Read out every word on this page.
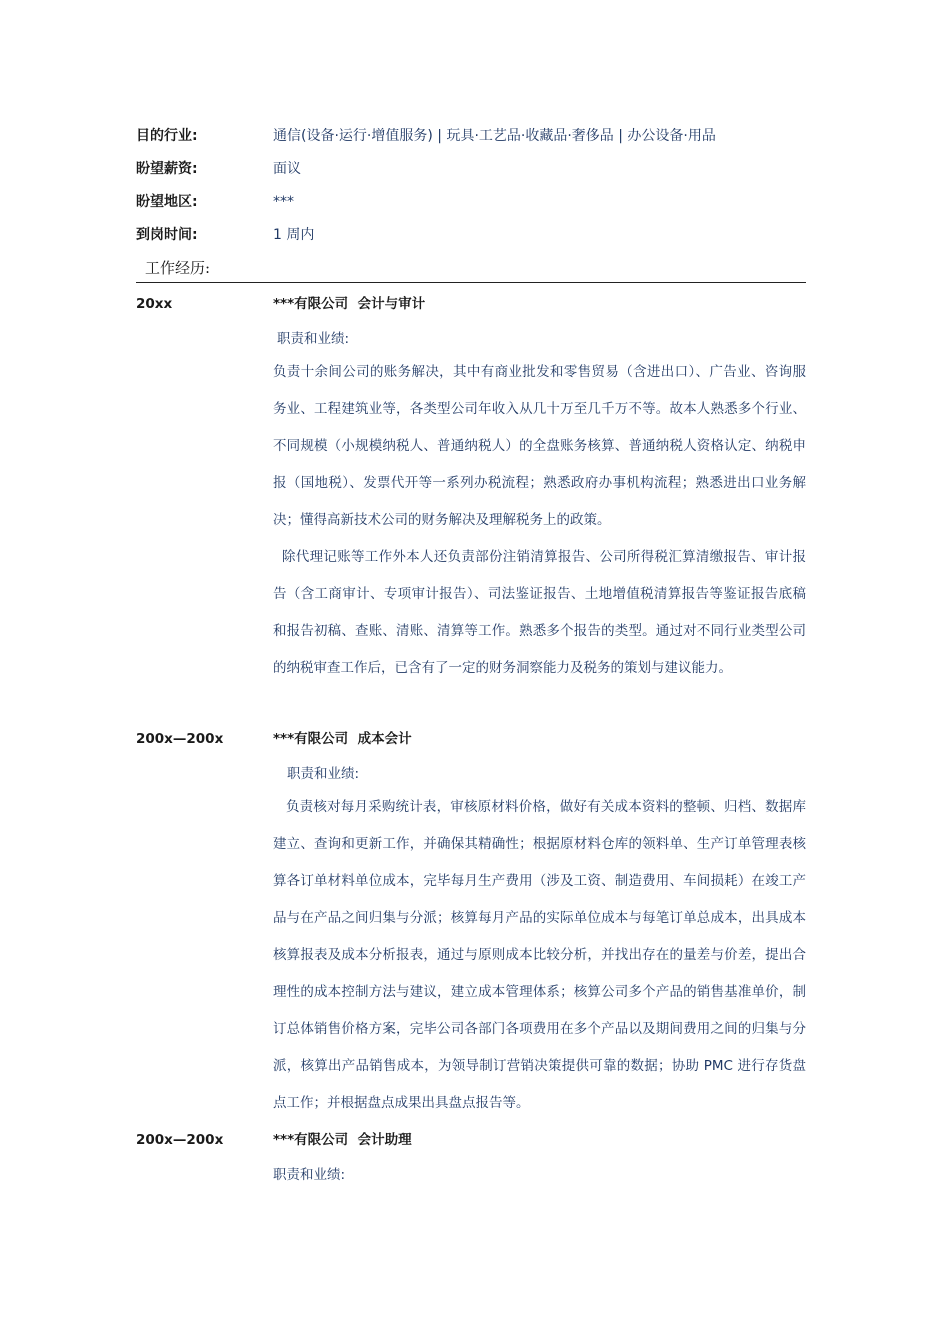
目的行业:	通信(设备·运行·增值服务) | 玩具·工艺品·收藏品·奢侈品 | 办公设备·用品
盼望薪资:	面议
盼望地区:	***
到岗时间:	1 周内
工作经历:
20xx	***有限公司  会计与审计
职责和业绩:
负责十余间公司的账务解决，其中有商业批发和零售贸易（含进出口）、广告业、咨询服务业、工程建筑业等，各类型公司年收入从几十万至几千万不等。故本人熟悉多个行业、不同规模（小规模纳税人、普通纳税人）的全盘账务核算、普通纳税人资格认定、纳税申报（国地税）、发票代开等一系列办税流程；熟悉政府办事机构流程；熟悉进出口业务解决；懂得高新技术公司的财务解决及理解税务上的政策。
除代理记账等工作外本人还负责部份注销清算报告、公司所得税汇算清缴报告、审计报告（含工商审计、专项审计报告）、司法鉴证报告、土地增值税清算报告等鉴证报告底稿和报告初稿、查账、清账、清算等工作。熟悉多个报告的类型。通过对不同行业类型公司的纳税审查工作后，已含有了一定的财务洞察能力及税务的策划与建议能力。
200x—200x	***有限公司  成本会计
职责和业绩:
负责核对每月采购统计表，审核原材料价格，做好有关成本资料的整顿、归档、数据库建立、查询和更新工作，并确保其精确性；根据原材料仓库的领料单、生产订单管理表核算各订单材料单位成本，完毕每月生产费用（涉及工资、制造费用、车间损耗）在竣工产品与在产品之间归集与分派；核算每月产品的实际单位成本与每笔订单总成本，出具成本核算报表及成本分析报表，通过与原则成本比较分析，并找出存在的量差与价差，提出合理性的成本控制方法与建议，建立成本管理体系；核算公司多个产品的销售基准单价，制订总体销售价格方案，完毕公司各部门各项费用在多个产品以及期间费用之间的归集与分派，核算出产品销售成本，为领导制订营销决策提供可靠的数据；协助 PMC 进行存货盘点工作；并根据盘点成果出具盘点报告等。
200x—200x	***有限公司  会计助理
职责和业绩:
